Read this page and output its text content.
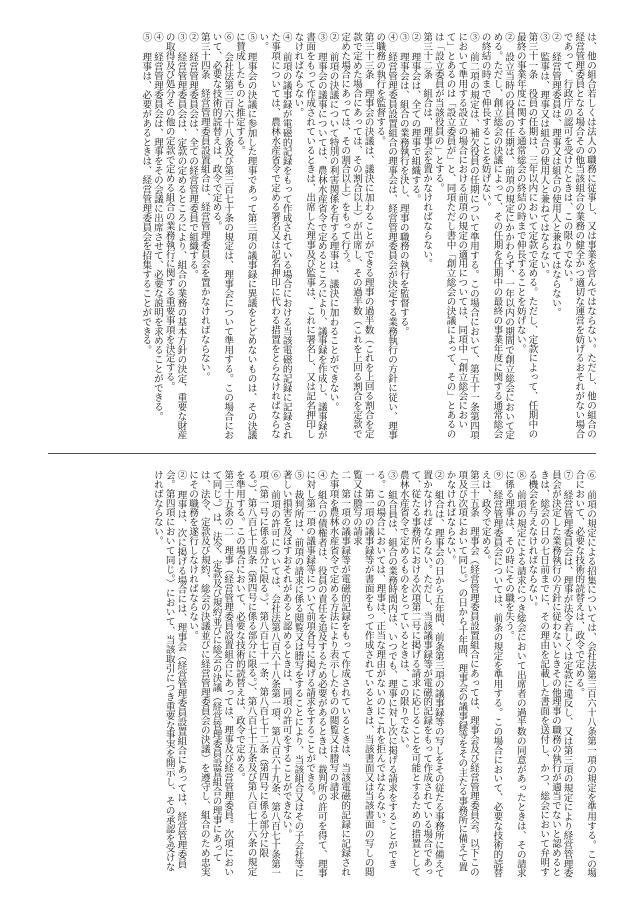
は、他の組合若しくは法人の職務に従事し、又は事業を営んではならない。ただし、他の組合の経営管理委員となる場合その他当該組合の業務の健全かつ適切な運営を妨げるおそれがない場合であって、行政庁の認可を受けたときは、この限りでない。

② 経営管理委員は、理事又は組合の使用人と兼ねてはならない。

③ 監事は、理事又は組合の使用人と兼ねてはならない。

第三十一条　役員の任期は、三年以内において定款で定める。ただし、定款によって、任期中の最終の事業年度に関する通常総会の終結の時まで伸長することを妨げない。

② 設立当時の役員の任期は、前項の規定にかかわらず、一年以内の期間で創立総会において定める。ただし、創立総会の決議によって、その任期を任期中の最終の事業年度に関する通常総会の終結の時まで伸長することを妨げない。

③ 前二項の規定は、補欠役員の任期について準用する。この場合において、第五十一条第四項において準用する設立の場合における前項の規定の適用については、同項中「創立総会において」とあるのは「設立委員が」と、同項ただし書中「創立総会の決議によって、その」とあるのは「設立委員が当該役員の」とする。

第三十二条　組合は、理事会を置かなければならない。

② 理事会は、全ての理事で組織する。

③ 理事会は、組合の業務執行を決し、理事の職務の執行を監督する。

④ 経営管理委員設置組合の理事会は、経営管理委員会が決定する業務執行の方針に従い、理事の職務の執行を監督する。

第三十三条　理事会の決議は、議決に加わることができる理事の過半数（これを上回る割合を定款で定めた場合にあっては、その割合以上）が出席し、その過半数（これを上回る割合を定款で定めた場合にあっては、その割合以上）をもって行う。

② 前項の決議について特別の利害関係を有する理事は、議決に加わることができない。

③ 理事会の議事については、農林水産省令で定めるところにより、議事録を作成し、議事録が書面をもって作成されているときは、出席した理事及び監事は、これに署名し、又は記名押印しなければならない。

④ 前項の議事録が電磁的記録をもって作成されている場合における当該電磁的記録に記録された事項については、農林水産省令で定める署名又は記名押印に代わる措置をとらなければならない。

⑤ 理事会の決議に参加した理事であって第三項の議事録に異議をとどめないものは、その決議に賛成したものと推定する。

⑥ 会社法第三百六十八条及び第三百七十条の規定は、理事会について準用する。この場合において、必要な技術的読替えは、政令で定める。

第三十四条　経営管理委員設置組合は、経営管理委員会を置かなければならない。

② 経営管理委員会は、全ての経営管理委員で組織する。

③ 経営管理委員会は、定款の定めるところにより、組合の業務の基本方針の決定、重要な財産の取得及び処分その他の定款で定める組合の業務執行に関する重要事項を決定する。

④ 経営管理委員会は、理事をその会議に出席させて、必要な説明を求めることができる。

⑤ 理事は、必要があるときは、経営管理委員会を招集することができる。

⑥ 前項の規定による招集については、会社法第三百六十八条第一項の規定を準用する。この場合において、必要な技術的読替えは、政令で定める。

⑦ 経営管理委員会は、理事が法令若しくは定款に違反し、又は第三項の規定により経営管理委員会が決定した業務執行の方針に従わないときその他理事の職務の執行が適当でないと認めるときは、総会の日の七日前までに、その理由を記載した書面を送付し、かつ、総会において弁明する機会を与えなければならない。

⑧ 前項の規定による請求につき総会において出席者の過半数の同意があったときは、その請求に係る理事は、その時にその職を失う。

⑨ 経営管理委員会については、前条の規定を準用する。この場合において、必要な技術的読替えは、政令で定める。

第三十五条　理事会（経営管理委員設置組合にあっては、理事会及び経営管理委員会。以下この項及び次項において同じ。）の日から十年間、理事会の議事録等をその主たる事務所に備えて置かなければならない。

② 組合は、理事会の日から五年間、前条第三項の議事録等の写しをその従たる事務所に備えて置かなければならない。ただし、当該議事録等が電磁的記録をもって作成されている場合であって、従たる事務所における次項第二号に掲げる請求に応じることを可能とするための措置として農林水産省令で定めるものをとっているときは、この限りでない。

③ 組合員は、組合の業務時間内は、いつでも、理事に対し次に掲げる請求をすることができる。この場合においては、理事は、正当な理由がないのにこれを拒んではならない。

一　第一項の議事録等が書面をもって作成されているときは、当該書面又は当該書面の写しの閲覧又は謄写の請求

二　第一項の議事録等が電磁的記録をもって作成されているときは、当該電磁的記録に記録された事項を農林水産省令で定める方法により表示したものの閲覧又は謄写の請求

④ 組合の債権者は、役員の責任を追及するため必要があるときは、裁判所の許可を得て、理事に対し第一項の議事録等について前項各号に掲げる請求をすることができる。

⑤ 裁判所は、前項の請求に係る閲覧又は謄写をすることにより、当該組合又はその子会社等に著しい損害を及ぼすおそれがあると認めるときは、同項の許可をすることができない。

⑥ 前項の許可については、会社法第八百六十八条第一項、第八百六十九条、第八百七十条第一項（第一号に係る部分に限る。）、第八百七十一条、第八百七十二条（第四号に係る部分に限る。）、第八百七十四条（第四号に係る部分に限る。）、第八百七十五条及び第八百七十六条の規定を準用する。この場合において、必要な技術的読替えは、政令で定める。

第三十五条の二　理事（経営管理委員設置組合にあっては、理事及び経営管理委員。次項において同じ。）は、法令、定款及び規約並びに総会の決議（経営管理委員設置組合の理事にあっては、法令、定款及び規約、総会の決議並びに経営管理委員会の決議）を遵守し、組合のため忠実にその職務を遂行しなければならない。

② 理事は、次に掲げる場合には、理事会（経営管理委員設置組合にあっては、経営管理委員会。第四項において同じ。）において、当該取引につき重要な事実を開示し、その承認を受けなければならない。
